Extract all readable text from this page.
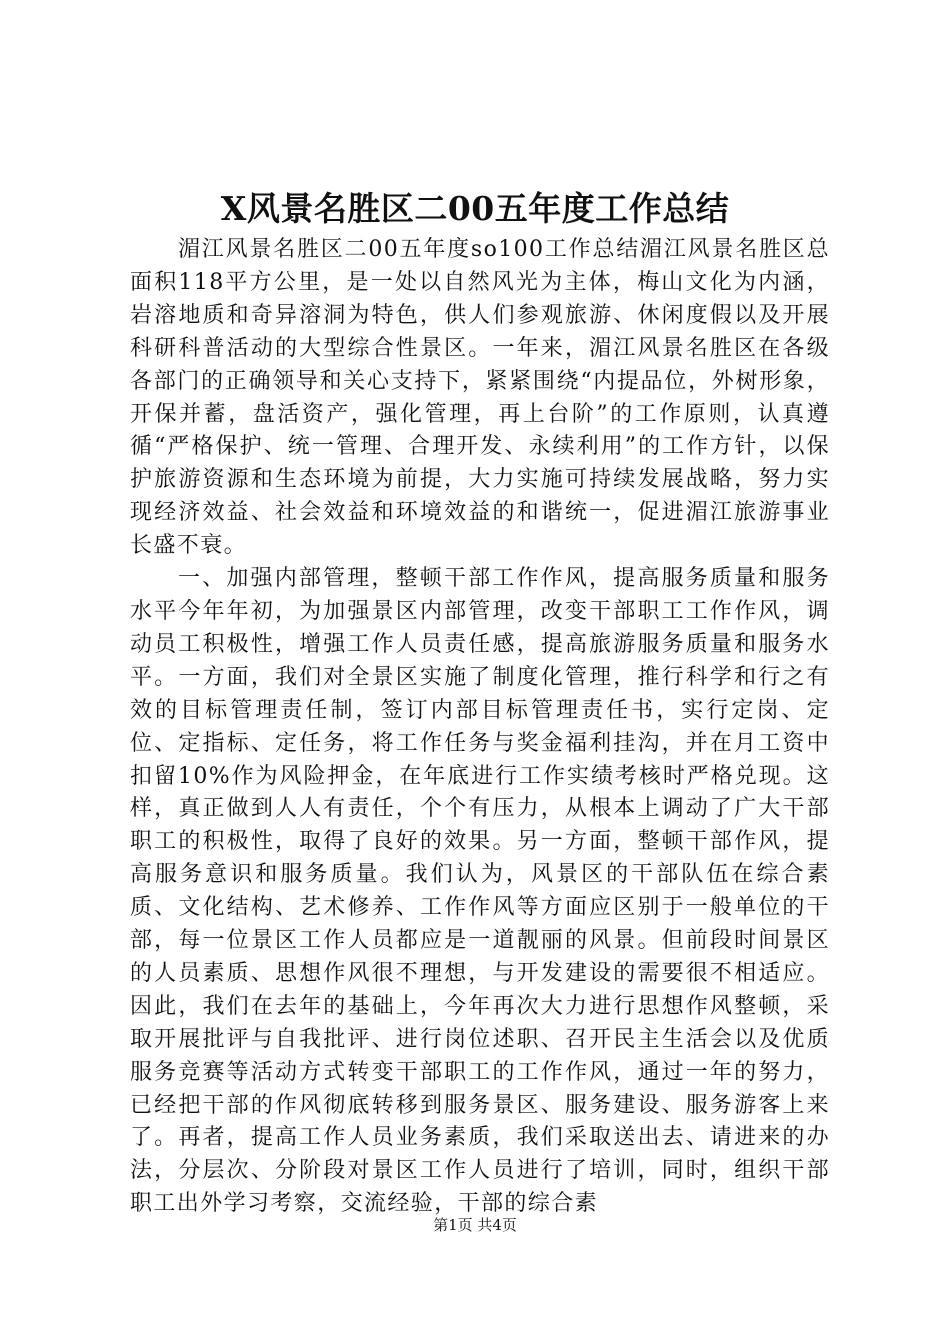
X风景名胜区二00五年度工作总结

湄江风景名胜区二00五年度so100工作总结湄江风景名胜区总面积118平方公里，是一处以自然风光为主体，梅山文化为内涵，岩溶地质和奇异溶洞为特色，供人们参观旅游、休闲度假以及开展科研科普活动的大型综合性景区。一年来，湄江风景名胜区在各级各部门的正确领导和关心支持下，紧紧围绕“内提品位，外树形象，开保并蓄，盘活资产，强化管理，再上台阶”的工作原则，认真遵循“严格保护、统一管理、合理开发、永续利用”的工作方针，以保护旅游资源和生态环境为前提，大力实施可持续发展战略，努力实现经济效益、社会效益和环境效益的和谐统一，促进湄江旅游事业长盛不衰。

一、加强内部管理，整顿干部工作作风，提高服务质量和服务水平今年年初，为加强景区内部管理，改变干部职工工作作风，调动员工积极性，增强工作人员责任感，提高旅游服务质量和服务水平。一方面，我们对全景区实施了制度化管理，推行科学和行之有效的目标管理责任制，签订内部目标管理责任书，实行定岗、定位、定指标、定任务，将工作任务与奖金福利挂沟，并在月工资中扣留10%作为风险押金，在年底进行工作实绩考核时严格兑现。这样，真正做到人人有责任，个个有压力，从根本上调动了广大干部职工的积极性，取得了良好的效果。另一方面，整顿干部作风，提高服务意识和服务质量。我们认为，风景区的干部队伍在综合素质、文化结构、艺术修养、工作作风等方面应区别于一般单位的干部，每一位景区工作人员都应是一道靓丽的风景。但前段时间景区的人员素质、思想作风很不理想，与开发建设的需要很不相适应。因此，我们在去年的基础上，今年再次大力进行思想作风整顿，采取开展批评与自我批评、进行岗位述职、召开民主生活会以及优质服务竞赛等活动方式转变干部职工的工作作风，通过一年的努力，已经把干部的作风彻底转移到服务景区、服务建设、服务游客上来了。再者，提高工作人员业务素质，我们采取送出去、请进来的办法，分层次、分阶段对景区工作人员进行了培训，同时，组织干部职工出外学习考察，交流经验，干部的综合素

第1页 共4页
